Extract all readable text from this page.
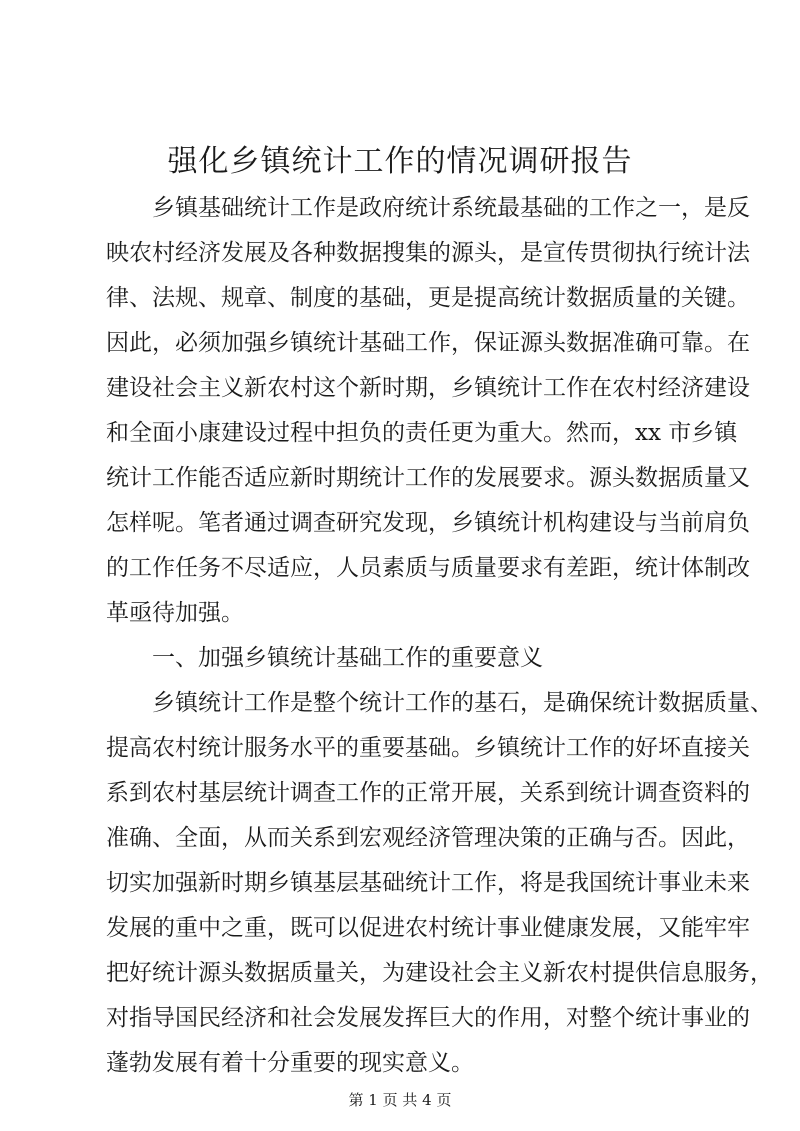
强化乡镇统计工作的情况调研报告
乡镇基础统计工作是政府统计系统最基础的工作之一，是反
映农村经济发展及各种数据搜集的源头，是宣传贯彻执行统计法
律、法规、规章、制度的基础，更是提高统计数据质量的关键。
因此，必须加强乡镇统计基础工作，保证源头数据准确可靠。在
建设社会主义新农村这个新时期，乡镇统计工作在农村经济建设
和全面小康建设过程中担负的责任更为重大。然而，xx 市乡镇
统计工作能否适应新时期统计工作的发展要求。源头数据质量又
怎样呢。笔者通过调查研究发现，乡镇统计机构建设与当前肩负
的工作任务不尽适应，人员素质与质量要求有差距，统计体制改
革亟待加强。
一、加强乡镇统计基础工作的重要意义
乡镇统计工作是整个统计工作的基石，是确保统计数据质量、
提高农村统计服务水平的重要基础。乡镇统计工作的好坏直接关
系到农村基层统计调查工作的正常开展，关系到统计调查资料的
准确、全面，从而关系到宏观经济管理决策的正确与否。因此，
切实加强新时期乡镇基层基础统计工作，将是我国统计事业未来
发展的重中之重，既可以促进农村统计事业健康发展，又能牢牢
把好统计源头数据质量关，为建设社会主义新农村提供信息服务，
对指导国民经济和社会发展发挥巨大的作用，对整个统计事业的
蓬勃发展有着十分重要的现实意义。
第 1 页 共 4 页
